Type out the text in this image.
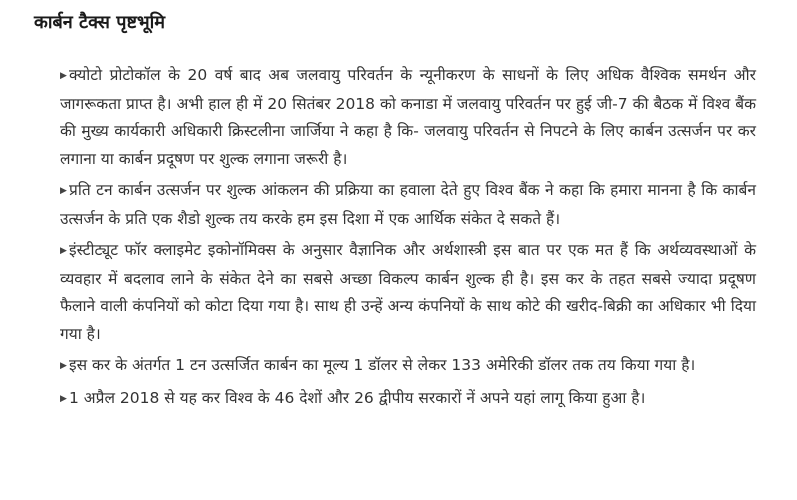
कार्बन टैक्स पृष्टभूमि

▶ क्योटो प्रोटोकॉल के 20 वर्ष बाद अब जलवायु परिवर्तन के न्यूनीकरण के साधनों के लिए अधिक वैश्विक समर्थन और जागरूकता प्राप्त है। अभी हाल ही में 20 सितंबर 2018 को कनाडा में जलवायु परिवर्तन पर हुई जी-7 की बैठक में विश्व बैंक की मुख्य कार्यकारी अधिकारी क्रिस्टलीना जार्जिया ने कहा है कि- जलवायु परिवर्तन से निपटने के लिए कार्बन उत्सर्जन पर कर लगाना या कार्बन प्रदूषण पर शुल्क लगाना जरूरी है।

▶ प्रति टन कार्बन उत्सर्जन पर शुल्क आंकलन की प्रक्रिया का हवाला देते हुए विश्व बैंक ने कहा कि हमारा मानना है कि कार्बन उत्सर्जन के प्रति एक शैडो शुल्क तय करके हम इस दिशा में एक आर्थिक संकेत दे सकते हैं।

▶ इंस्टीट्यूट फॉर क्लाइमेट इकोनॉमिक्स के अनुसार वैज्ञानिक और अर्थशास्त्री इस बात पर एक मत हैं कि अर्थव्यवस्थाओं के व्यवहार में बदलाव लाने के संकेत देने का सबसे अच्छा विकल्प कार्बन शुल्क ही है। इस कर के तहत सबसे ज्यादा प्रदूषण फैलाने वाली कंपनियों को कोटा दिया गया है। साथ ही उन्हें अन्य कंपनियों के साथ कोटे की खरीद-बिक्री का अधिकार भी दिया गया है।

▶ इस कर के अंतर्गत 1 टन उत्सर्जित कार्बन का मूल्य 1 डॉलर से लेकर 133 अमेरिकी डॉलर तक तय किया गया है।

▶ 1 अप्रैल 2018 से यह कर विश्व के 46 देशों और 26 द्वीपीय सरकारों नें अपने यहां लागू किया हुआ है।
